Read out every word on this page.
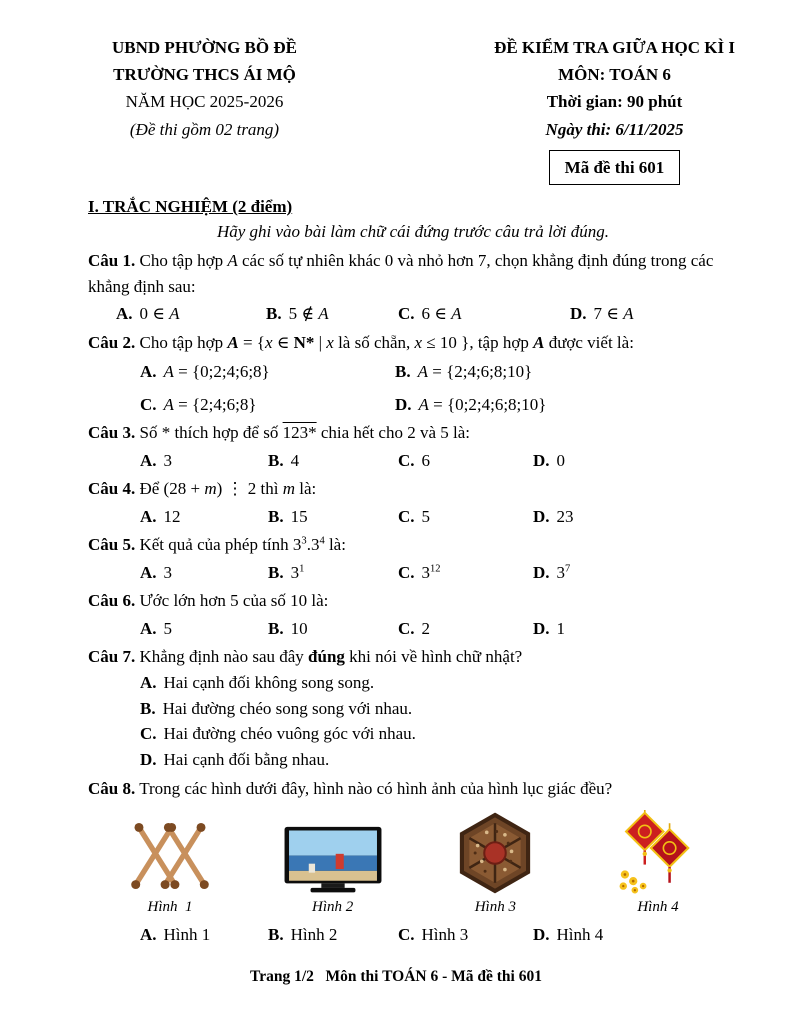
UBND PHƯỜNG BỒ ĐỀ
TRƯỜNG THCS ÁI MỘ
NĂM HỌC 2025-2026
(Đề thi gồm 02 trang)
ĐỀ KIỂM TRA GIỮA HỌC KÌ I
MÔN: TOÁN 6
Thời gian: 90 phút
Ngày thi: 6/11/2025
Mã đề thi 601
I. TRẮC NGHIỆM (2 điểm)
Hãy ghi vào bài làm chữ cái đứng trước câu trả lời đúng.
Câu 1. Cho tập hợp A các số tự nhiên khác 0 và nhỏ hơn 7, chọn khẳng định đúng trong các khẳng định sau:
A. 0 ∈ A	B. 5 ∉ A	C. 6 ∈ A	D. 7 ∈ A
Câu 2. Cho tập hợp A = {x ∈ N* | x là số chẵn, x ≤ 10 }, tập hợp A được viết là:
A. A = {0;2;4;6;8}	B. A = {2;4;6;8;10}
C. A = {2;4;6;8}	D. A = {0;2;4;6;8;10}
Câu 3. Số * thích hợp để số 123* chia hết cho 2 và 5 là:
A. 3	B. 4	C. 6	D. 0
Câu 4. Để (28 + m) ⋮ 2 thì m là:
A. 12	B. 15	C. 5	D. 23
Câu 5. Kết quả của phép tính $3^3.3^4$ là:
A. 3	B. $3^1$	C. $3^{12}$	D. $3^7$
Câu 6. Ước lớn hơn 5 của số 10 là:
A. 5	B. 10	C. 2	D. 1
Câu 7. Khẳng định nào sau đây đúng khi nói về hình chữ nhật?
A. Hai cạnh đối không song song.
B. Hai đường chéo song song với nhau.
C. Hai đường chéo vuông góc với nhau.
D. Hai cạnh đối bằng nhau.
Câu 8. Trong các hình dưới đây, hình nào có hình ảnh của hình lục giác đều?
Hình  1	Hình 2	Hình 3	Hình 4
A. Hình 1	B. Hình 2	C. Hình 3	D. Hình 4
Trang 1/2   Môn thi TOÁN 6 - Mã đề thi 601
